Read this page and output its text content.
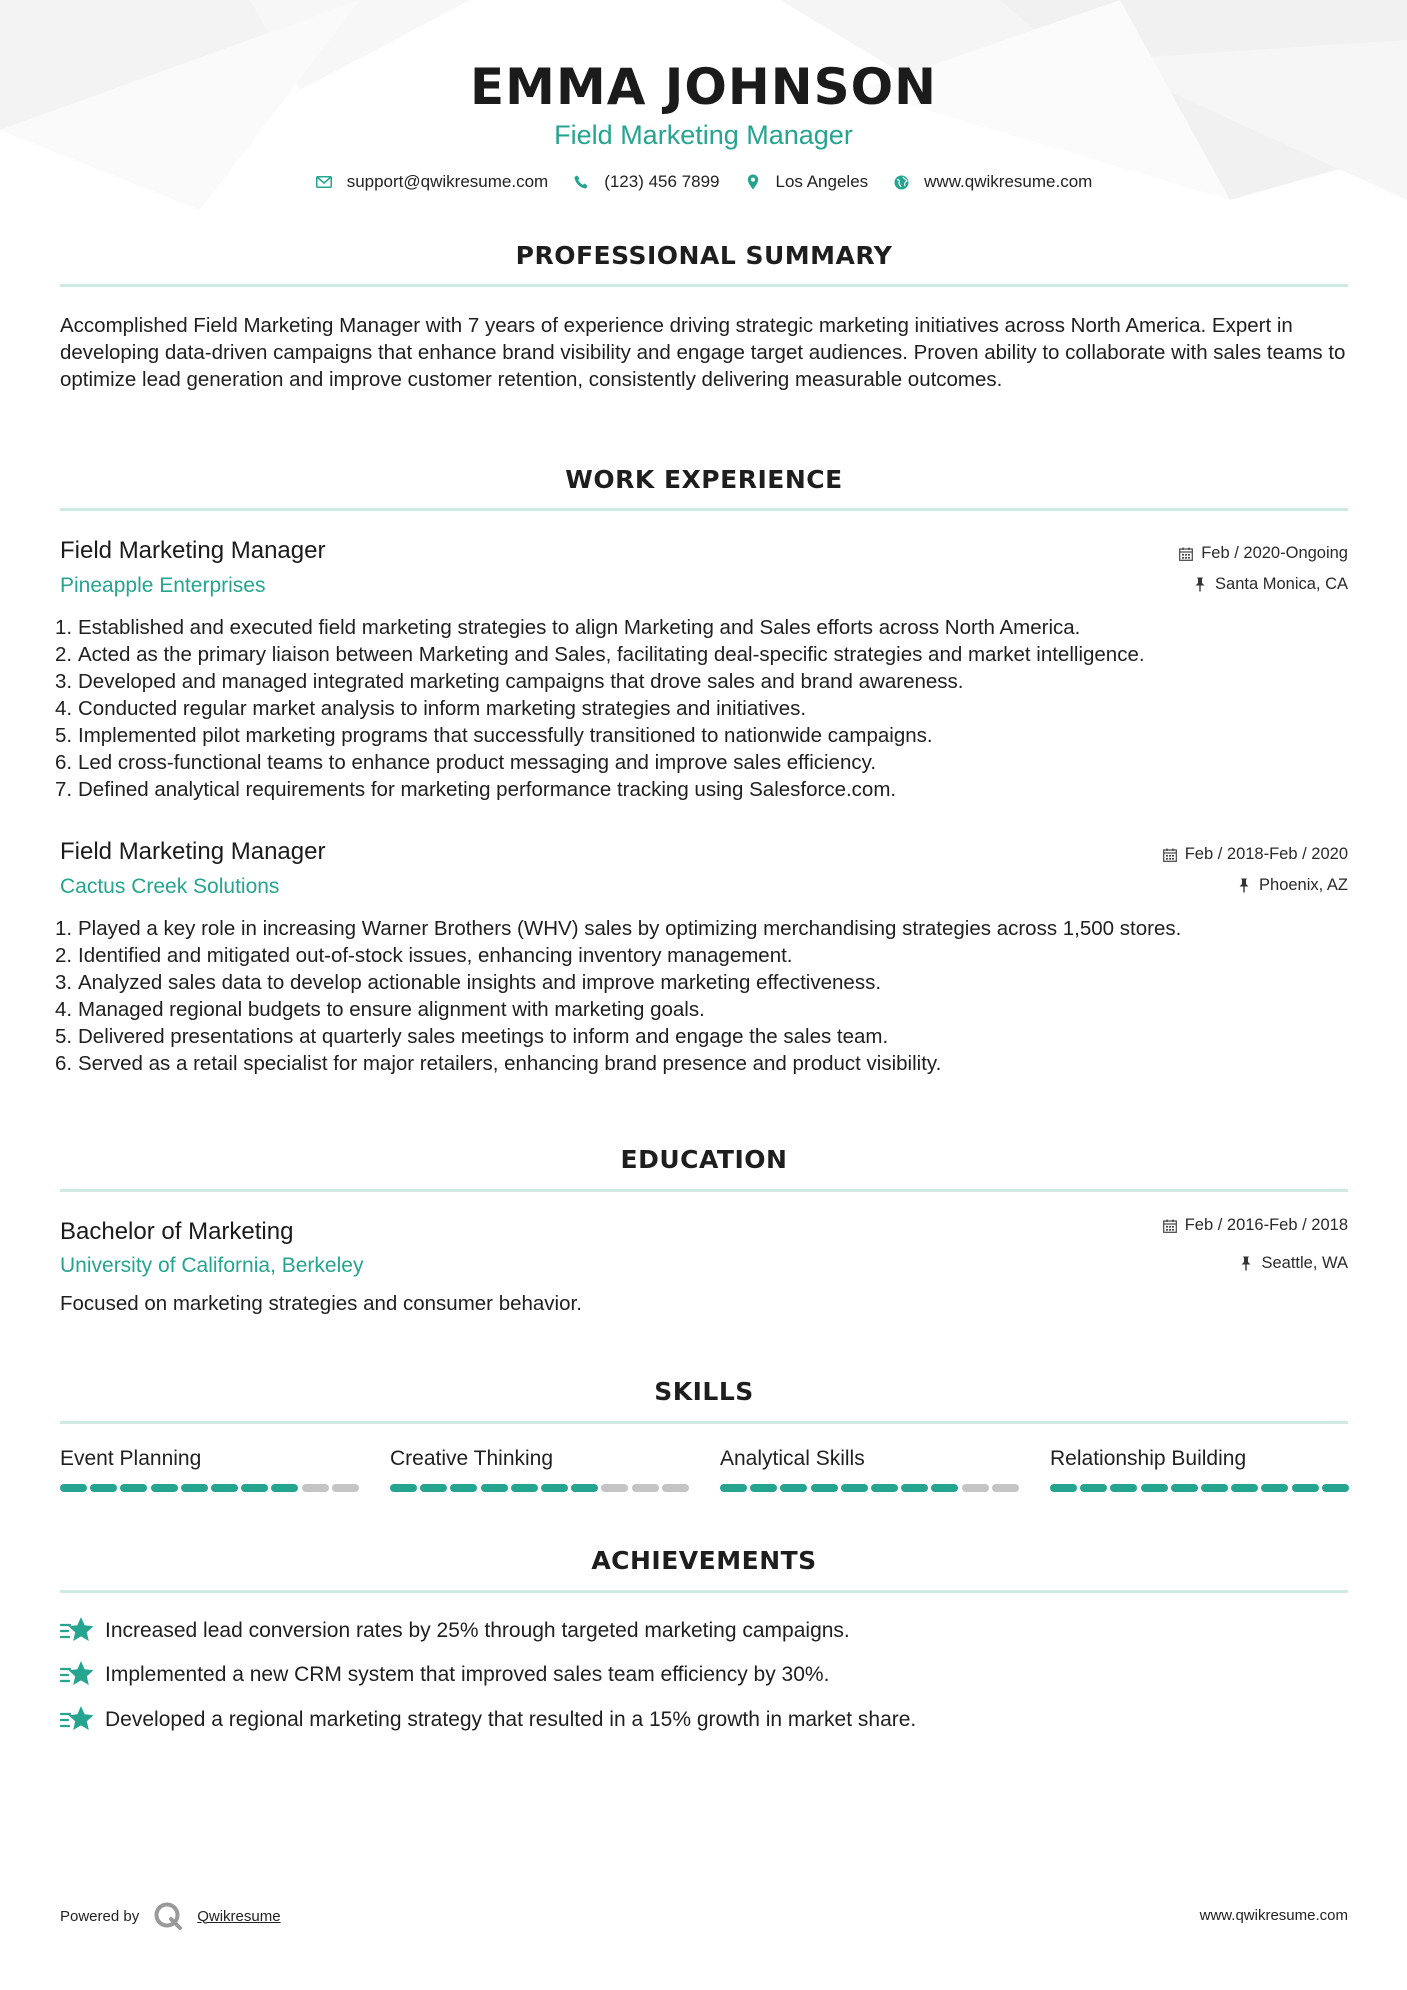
EMMA JOHNSON
Field Marketing Manager
support@qwikresume.com	(123) 456 7899	Los Angeles	www.qwikresume.com
PROFESSIONAL SUMMARY
Accomplished Field Marketing Manager with 7 years of experience driving strategic marketing initiatives across North America. Expert in developing data-driven campaigns that enhance brand visibility and engage target audiences. Proven ability to collaborate with sales teams to optimize lead generation and improve customer retention, consistently delivering measurable outcomes.
WORK EXPERIENCE
Field Marketing Manager
Pineapple Enterprises
Feb / 2020-Ongoing
Santa Monica, CA
1. Established and executed field marketing strategies to align Marketing and Sales efforts across North America.
2. Acted as the primary liaison between Marketing and Sales, facilitating deal-specific strategies and market intelligence.
3. Developed and managed integrated marketing campaigns that drove sales and brand awareness.
4. Conducted regular market analysis to inform marketing strategies and initiatives.
5. Implemented pilot marketing programs that successfully transitioned to nationwide campaigns.
6. Led cross-functional teams to enhance product messaging and improve sales efficiency.
7. Defined analytical requirements for marketing performance tracking using Salesforce.com.
Field Marketing Manager
Cactus Creek Solutions
Feb / 2018-Feb / 2020
Phoenix, AZ
1. Played a key role in increasing Warner Brothers (WHV) sales by optimizing merchandising strategies across 1,500 stores.
2. Identified and mitigated out-of-stock issues, enhancing inventory management.
3. Analyzed sales data to develop actionable insights and improve marketing effectiveness.
4. Managed regional budgets to ensure alignment with marketing goals.
5. Delivered presentations at quarterly sales meetings to inform and engage the sales team.
6. Served as a retail specialist for major retailers, enhancing brand presence and product visibility.
EDUCATION
Bachelor of Marketing
University of California, Berkeley
Feb / 2016-Feb / 2018
Seattle, WA
Focused on marketing strategies and consumer behavior.
SKILLS
Event Planning	Creative Thinking	Analytical Skills	Relationship Building
ACHIEVEMENTS
Increased lead conversion rates by 25% through targeted marketing campaigns.
Implemented a new CRM system that improved sales team efficiency by 30%.
Developed a regional marketing strategy that resulted in a 15% growth in market share.
Powered by	Qwikresume	www.qwikresume.com
